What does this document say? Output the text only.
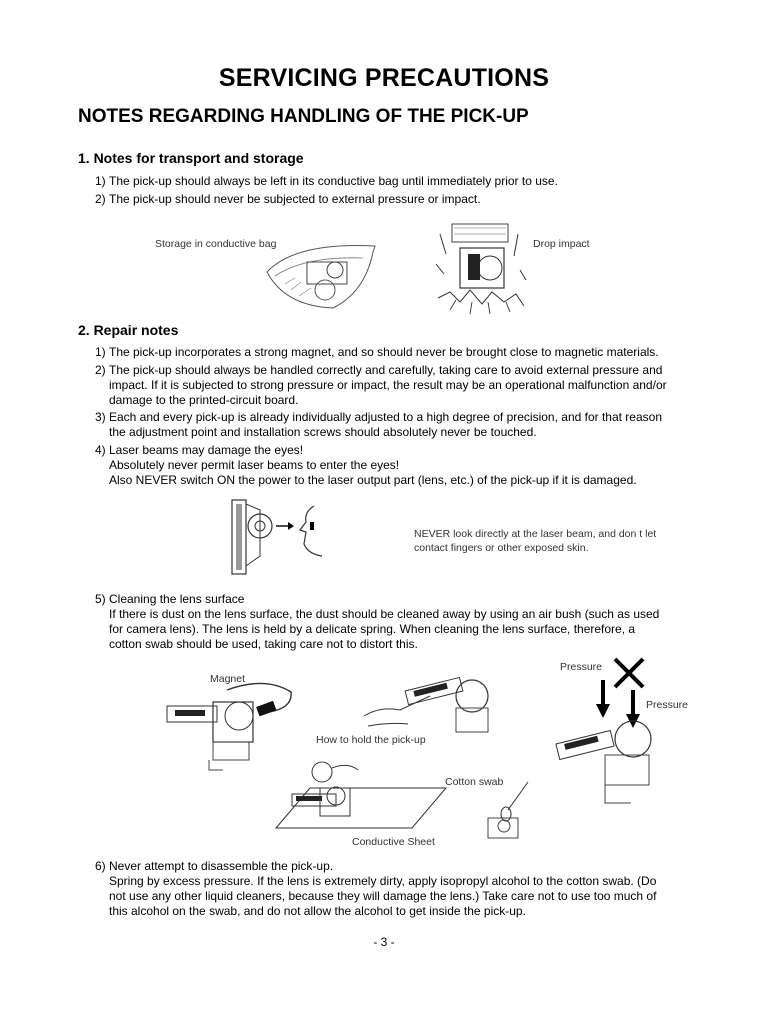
SERVICING PRECAUTIONS
NOTES REGARDING HANDLING OF THE PICK-UP
1. Notes for transport and storage
1) The pick-up should always be left in its conductive bag until immediately prior to use.
2) The pick-up should never be subjected to external pressure or impact.
Storage in conductive bag	Drop impact
2. Repair notes
1) The pick-up incorporates a strong magnet, and so should never be brought close to magnetic materials.
2) The pick-up should always be handled correctly and carefully, taking care to avoid external pressure and
impact. If it is subjected to strong pressure or impact, the result may be an operational malfunction and/or
damage to the printed-circuit board.
3) Each and every pick-up is already individually adjusted to a high degree of precision, and for that reason
the adjustment point and installation screws should absolutely never be touched.
4) Laser beams may damage the eyes!
Absolutely never permit laser beams to enter the eyes!
Also NEVER switch ON the power to the laser output part (lens, etc.) of the pick-up if it is damaged.
NEVER look directly at the laser beam, and don t let
contact fingers or other exposed skin.
5) Cleaning the lens surface
If there is dust on the lens surface, the dust should be cleaned away by using an air bush (such as used
for camera lens). The lens is held by a delicate spring. When cleaning the lens surface, therefore, a
cotton swab should be used, taking care not to distort this.
Magnet
How to hold the pick-up
Pressure
Pressure
Conductive Sheet
Cotton swab
6) Never attempt to disassemble the pick-up.
Spring by excess pressure. If the lens is extremely dirty, apply isopropyl alcohol to the cotton swab. (Do
not use any other liquid cleaners, because they will damage the lens.) Take care not to use too much of
this alcohol on the swab, and do not allow the alcohol to get inside the pick-up.
- 3 -
